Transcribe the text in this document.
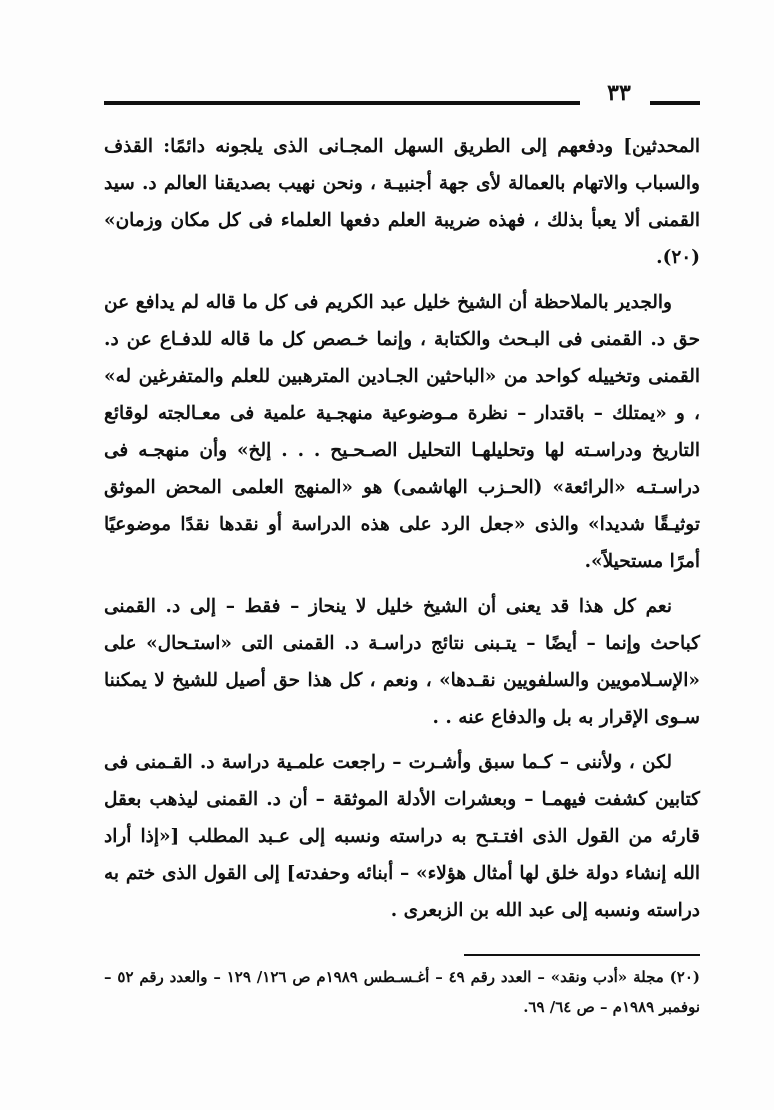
٣٣

المحدثين] ودفعهم إلى الطريق السهل المجـانى الذى يلجونه دائمًا: القذف والسباب والاتهام بالعمالة لأى جهة أجنبيـة ، ونحن نهيب بصديقنا العالم د. سيد القمنى ألا يعبأ بذلك ، فهذه ضريبة العلم دفعها العلماء فى كل مكان وزمان» (٢٠).

والجدير بالملاحظة أن الشيخ خليل عبد الكريم فى كل ما قاله لم يدافع عن حق د. القمنى فى البـحث والكتابة ، وإنما خـصص كل ما قاله للدفـاع عن د. القمنى وتخييله كواحد من «الباحثين الجـادين المترهبين للعلم والمتفرغين له» ، و «يمتلك – باقتدار – نظرة مـوضوعية منهجـية علمية فى معـالجته لوقائع التاريخ ودراسـته لها وتحليلهـا التحليل الصـحـيح . . . إلخ» وأن منهجـه فى دراسـتـه «الرائعة» (الحـزب الهاشمى) هو «المنهج العلمى المحض الموثق توثيـقًا شديدا» والذى «جعل الرد على هذه الدراسة أو نقدها نقدًا موضوعيًا أمرًا مستحيلاً».

نعم كل هذا قد يعنى أن الشيخ خليل لا ينحاز – فقط – إلى د. القمنى كباحث وإنما – أيضًا – يتـبنى نتائج دراسـة د. القمنى التى «استـحال» على «الإسـلامويين والسلفويين نقـدها» ، ونعم ، كل هذا حق أصيل للشيخ لا يمكننا سـوى الإقرار به بل والدفاع عنه . .

لكن ، ولأننى – كـما سبق وأشـرت – راجعت علمـية دراسة د. القـمنى فى كتابين كشفت فيهمـا – وبعشرات الأدلة الموثقة – أن د. القمنى ليذهب بعقل قارئه من القول الذى افتـتـح به دراسته ونسبه إلى عـبد المطلب [«إذا أراد الله إنشاء دولة خلق لها أمثال هؤلاء» – أبنائه وحفدته] إلى القول الذى ختم به دراسته ونسبه إلى عبد الله بن الزبعرى .

(٢٠) مجلة «أدب ونقد» – العدد رقم ٤٩ – أغـسـطس ١٩٨٩م ص ١٢٦/ ١٢٩ – والعدد رقم ٥٢ – نوفمبر ١٩٨٩م – ص ٦٤/ ٦٩.
